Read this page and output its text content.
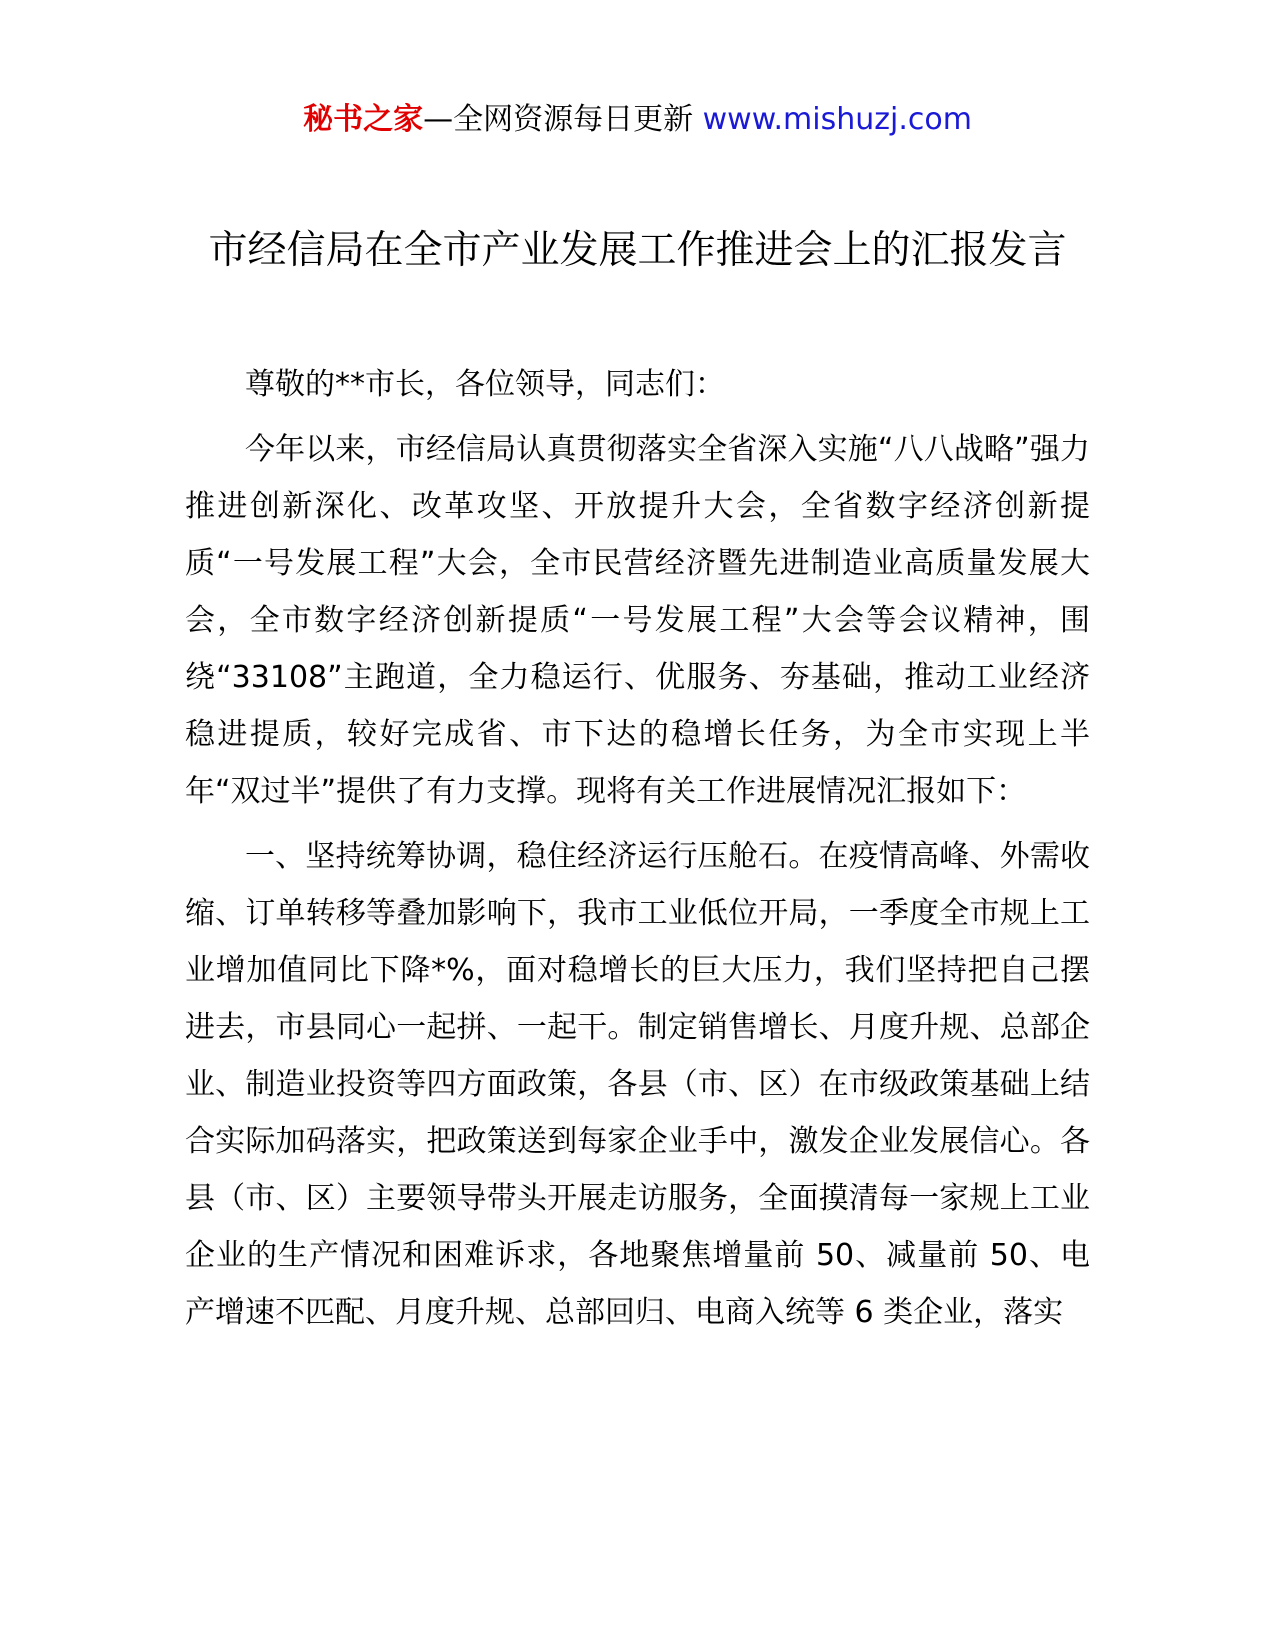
秘书之家—全网资源每日更新 www.mishuzj.com
市经信局在全市产业发展工作推进会上的汇报发言

尊敬的**市长，各位领导，同志们：

今年以来，市经信局认真贯彻落实全省深入实施“八八战略”强力推进创新深化、改革攻坚、开放提升大会，全省数字经济创新提质“一号发展工程”大会，全市民营经济暨先进制造业高质量发展大会，全市数字经济创新提质“一号发展工程”大会等会议精神，围绕“33108”主跑道，全力稳运行、优服务、夯基础，推动工业经济稳进提质，较好完成省、市下达的稳增长任务，为全市实现上半年“双过半”提供了有力支撑。现将有关工作进展情况汇报如下：

一、坚持统筹协调，稳住经济运行压舱石。在疫情高峰、外需收缩、订单转移等叠加影响下，我市工业低位开局，一季度全市规上工业增加值同比下降*%，面对稳增长的巨大压力，我们坚持把自己摆进去，市县同心一起拼、一起干。制定销售增长、月度升规、总部企业、制造业投资等四方面政策，各县（市、区）在市级政策基础上结合实际加码落实，把政策送到每家企业手中，激发企业发展信心。各县（市、区）主要领导带头开展走访服务，全面摸清每一家规上工业企业的生产情况和困难诉求，各地聚焦增量前 50、减量前 50、电产增速不匹配、月度升规、总部回归、电商入统等 6 类企业，落实
